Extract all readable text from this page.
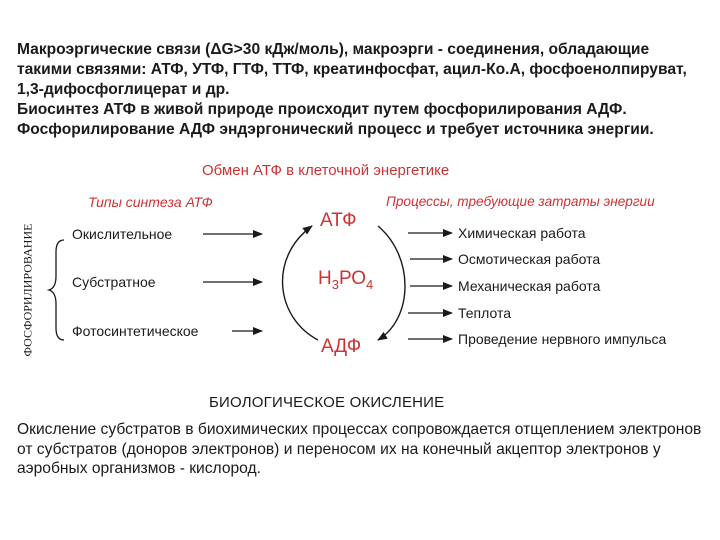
Макроэргические связи (ΔG>30 кДж/моль), макроэрги - соединения, обладающие такими связями: АТФ, УТФ, ГТФ, ТТФ, креатинфосфат, ацил-Ко.А, фосфоенолпируват, 1,3-дифосфоглицерат и др.

Биосинтез АТФ в живой природе происходит путем фосфорилирования АДФ. Фосфорилирование АДФ эндэргонический процесс и требует источника энергии.

Обмен АТФ в клеточной энергетике
Типы синтеза АТФ	Процессы, требующие затраты энергии
ФОСФОРИЛИРОВАНИЕ	Окислительное
Субстратное
Фотосинтетическое
АТФ
$Н_3РО_4$
АДФ
Химическая работа
Осмотическая работа
Механическая работа
Теплота
Проведение нервного импульса
БИОЛОГИЧЕСКОЕ ОКИСЛЕНИЕ

Окисление субстратов в биохимических процессах сопровождается отщеплением электронов от субстратов (доноров электронов) и переносом их на конечный акцептор электронов у аэробных организмов - кислород.
